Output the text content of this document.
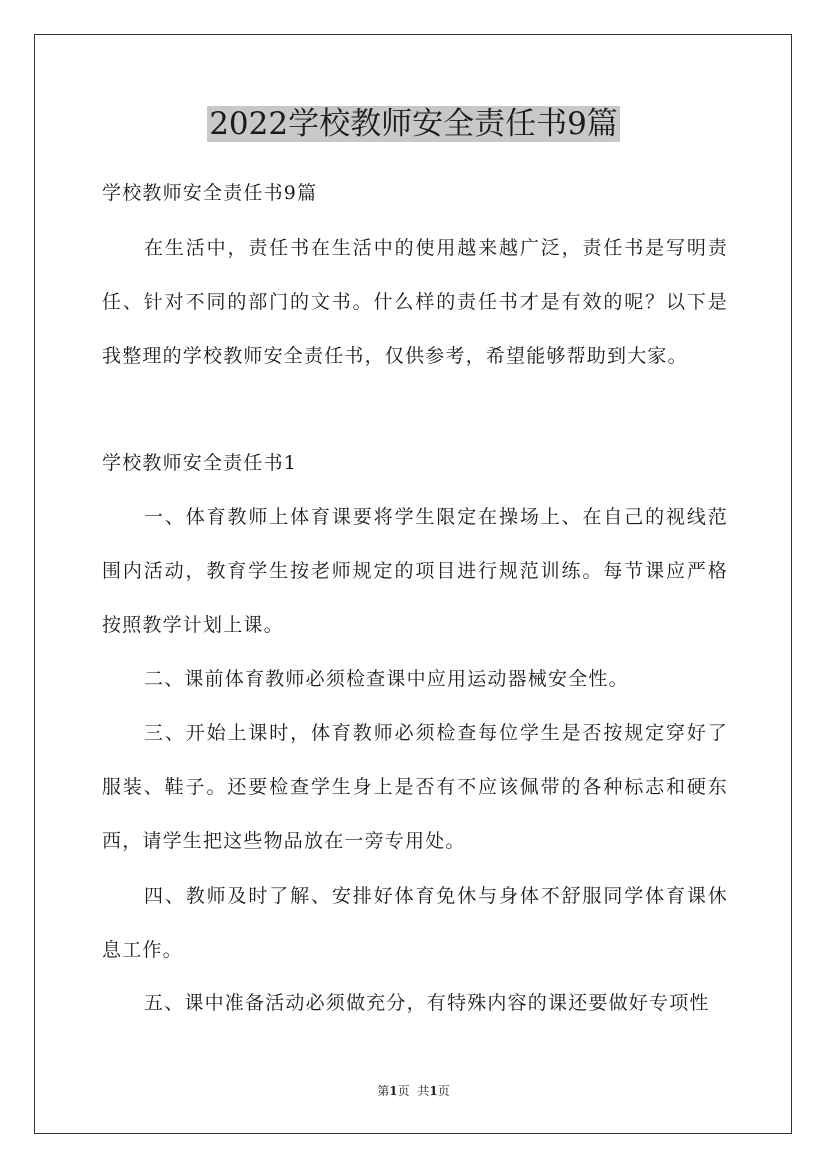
2022学校教师安全责任书9篇
学校教师安全责任书9篇

在生活中，责任书在生活中的使用越来越广泛，责任书是写明责任、针对不同的部门的文书。什么样的责任书才是有效的呢？以下是我整理的学校教师安全责任书，仅供参考，希望能够帮助到大家。

学校教师安全责任书1

一、体育教师上体育课要将学生限定在操场上、在自己的视线范围内活动，教育学生按老师规定的项目进行规范训练。每节课应严格按照教学计划上课。

二、课前体育教师必须检查课中应用运动器械安全性。

三、开始上课时，体育教师必须检查每位学生是否按规定穿好了服装、鞋子。还要检查学生身上是否有不应该佩带的各种标志和硬东西，请学生把这些物品放在一旁专用处。

四、教师及时了解、安排好体育免休与身体不舒服同学体育课休息工作。

五、课中准备活动必须做充分，有特殊内容的课还要做好专项性

第1页 共1页
